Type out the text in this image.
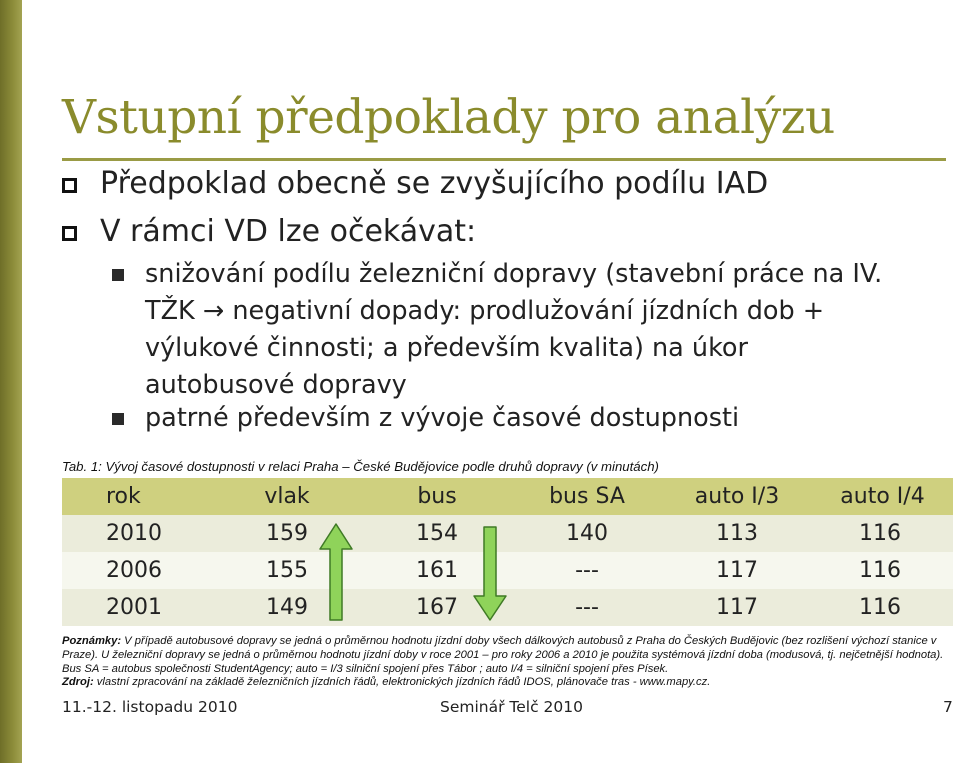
Vstupní předpoklady pro analýzu
Předpoklad obecně se zvyšujícího podílu IAD
V rámci VD lze očekávat:
snižování podílu železniční dopravy (stavební práce na IV.
TŽK → negativní dopady: prodlužování jízdních dob +
výlukové činnosti; a především kvalita) na úkor
autobusové dopravy
patrné především z vývoje časové dostupnosti
Tab. 1: Vývoj časové dostupnosti v relaci Praha – České Budějovice podle druhů dopravy (v minutách)
rok	vlak	bus	bus SA	auto I/3	auto I/4
2010	159	154	140	113	116
2006	155	161	---	117	116
2001	149	167	---	117	116
Poznámky: V případě autobusové dopravy se jedná o průměrnou hodnotu jízdní doby všech dálkových autobusů z Praha do Českých Budějovic (bez rozlišení výchozí stanice v Praze). U železniční dopravy se jedná o průměrnou hodnotu jízdní doby v roce 2001 – pro roky 2006 a 2010 je použita systémová jízdní doba (modusová, tj. nejčetnější hodnota). Bus SA = autobus společnosti StudentAgency; auto = I/3 silniční spojení přes Tábor ; auto I/4 = silniční spojení přes Písek.
Zdroj: vlastní zpracování na základě železničních jízdních řádů, elektronických jízdních řádů IDOS, plánovače tras - www.mapy.cz.
11.-12. listopadu 2010	Seminář Telč 2010	7
